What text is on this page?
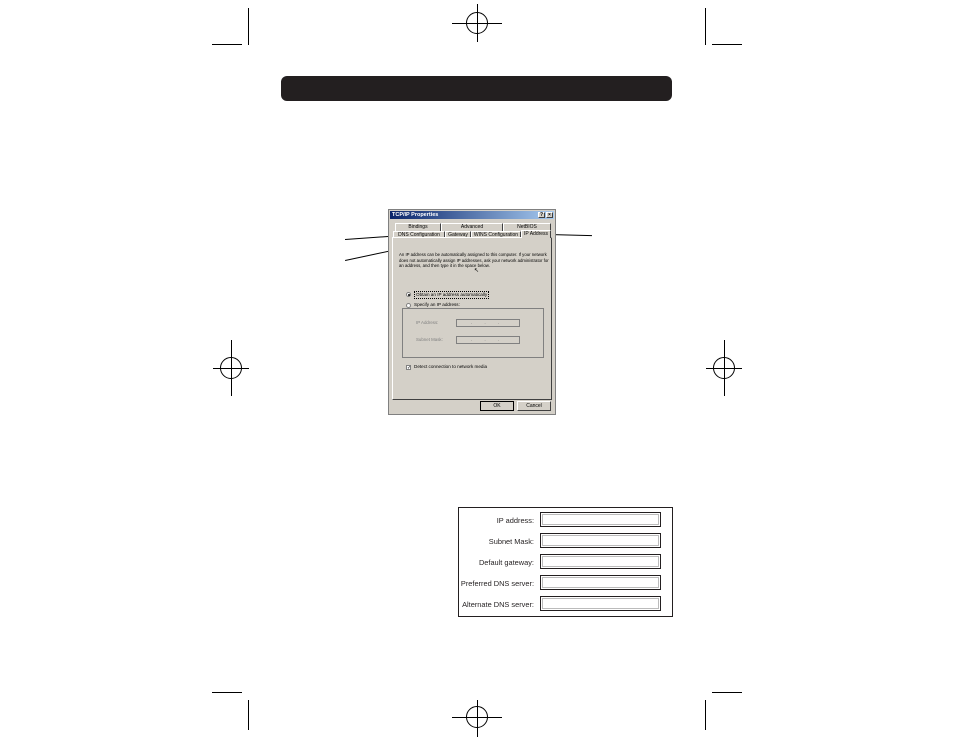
TCP/IP Properties	?	×
Bindings	Advanced	NetBIOS
DNS Configuration	Gateway	WINS Configuration	IP Address
An IP address can be automatically assigned to this computer. If your network does not automatically assign IP addresses, ask your network administrator for an address, and then type it in the space below.
↖
Obtain an IP address automatically
Specify an IP address:
IP Address:	...
Subnet Mask:	...
✓ Detect connection to network media
OK	Cancel
IP address:
Subnet Mask:
Default gateway:
Preferred DNS server:
Alternate DNS server:
